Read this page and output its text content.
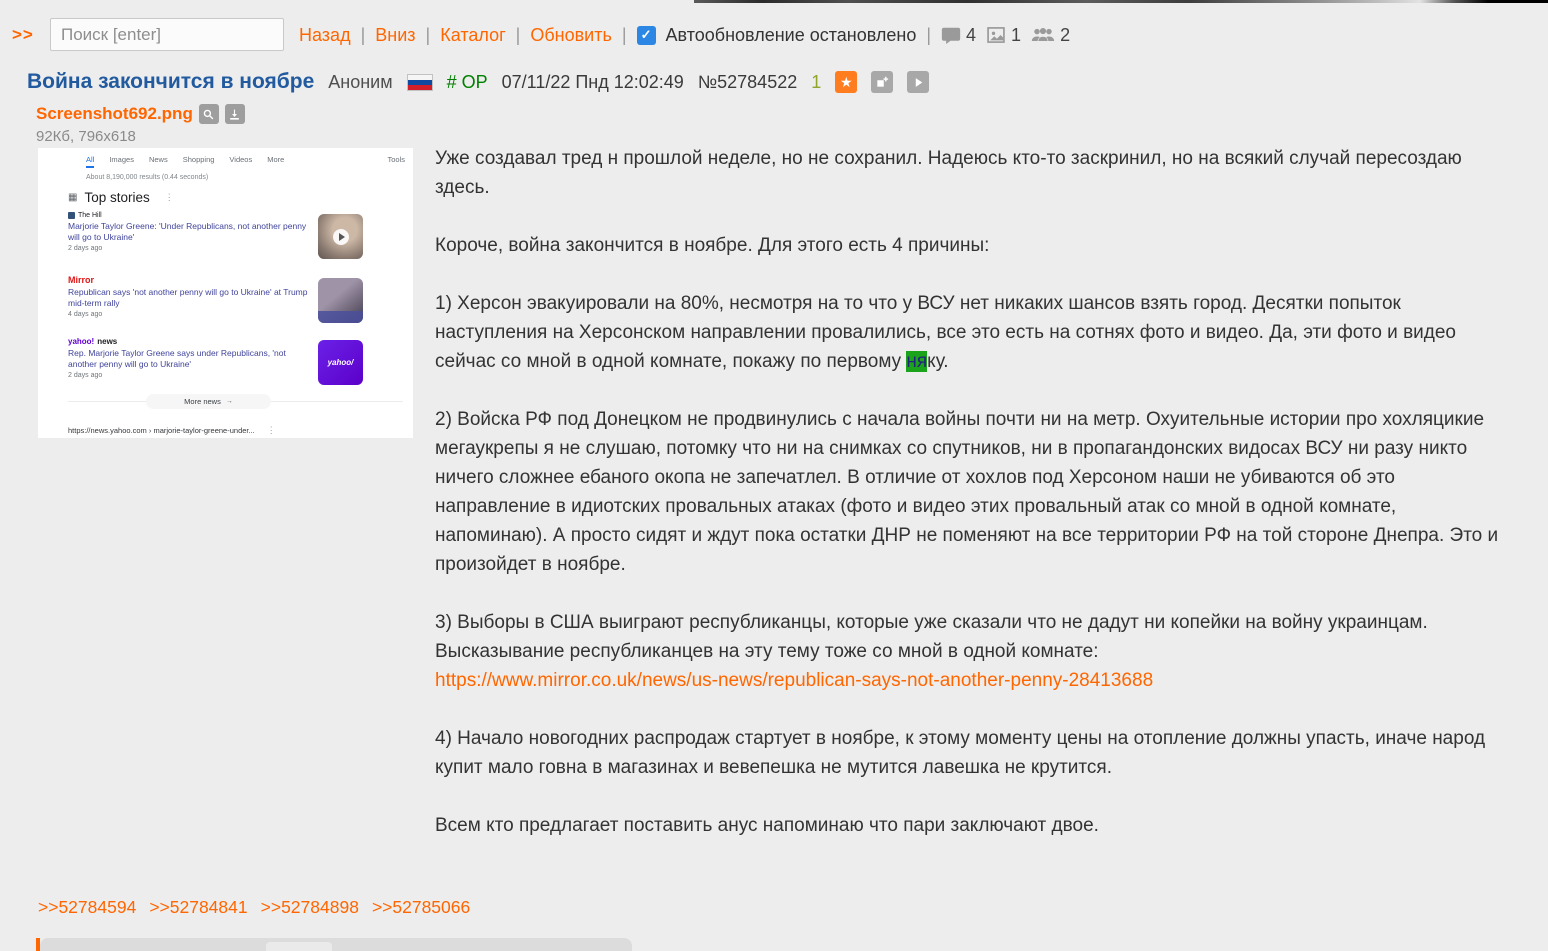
>>
Поиск [enter]	Назад | Вниз | Каталог | Обновить | ✓ Автообновление остановлено | 4 1 2
Война закончится в ноябре Аноним	# ОР 07/11/22 Пнд 12:02:49 №52784522 1 ★
Screenshot692.png
92Кб, 796x618
All Images News Shopping Videos More	Tools
About 8,190,000 results (0.44 seconds)
▦ Top stories ⋮
The Hill
Marjorie Taylor Greene: 'Under Republicans, not another penny will go to Ukraine'
2 days ago
Mirror
Republican says 'not another penny will go to Ukraine' at Trump mid-term rally
4 days ago
yahoo! news
Rep. Marjorie Taylor Greene says under Republicans, 'not another penny will go to Ukraine'
2 days ago
yahoo/
More news
→
https://news.yahoo.com › marjorie-taylor-greene-under... ⋮

Уже создавал тред н прошлой неделе, но не сохранил. Надеюсь кто-то заскринил, но на всякий случай пересоздаю здесь.

Короче, война закончится в ноябре. Для этого есть 4 причины:

1) Херсон эвакуировали на 80%, несмотря на то что у ВСУ нет никаких шансов взять город. Десятки попыток наступления на Херсонском направлении провалились, все это есть на сотнях фото и видео. Да, эти фото и видео сейчас со мной в одной комнате, покажу по первому няку.

2) Войска РФ под Донецком не продвинулись с начала войны почти ни на метр. Охуительные истории про хохляцикие мегаукрепы я не слушаю, потомку что ни на снимках со спутников, ни в пропагандонских видосах ВСУ ни разу никто ничего сложнее ебаного окопа не запечатлел. В отличие от хохлов под Херсоном наши не убиваются об это направление в идиотских провальных атаках (фото и видео этих провальный атак со мной в одной комнате, напоминаю). А просто сидят и ждут пока остатки ДНР не поменяют на все территории РФ на той стороне Днепра. Это и произойдет в ноябре.

3) Выборы в США выиграют республиканцы, которые уже сказали что не дадут ни копейки на войну украинцам. Высказывание республиканцев на эту тему тоже со мной в одной комнате:
https://www.mirror.co.uk/news/us-news/republican-says-not-another-penny-28413688

4) Начало новогодних распродаж стартует в ноябре, к этому моменту цены на отопление должны упасть, иначе народ купит мало говна в магазинах и вевепешка не мутится лавешка не крутится.

Всем кто предлагает поставить анус напоминаю что пари заключают двое.

>>52784594 >>52784841 >>52784898 >>52785066
